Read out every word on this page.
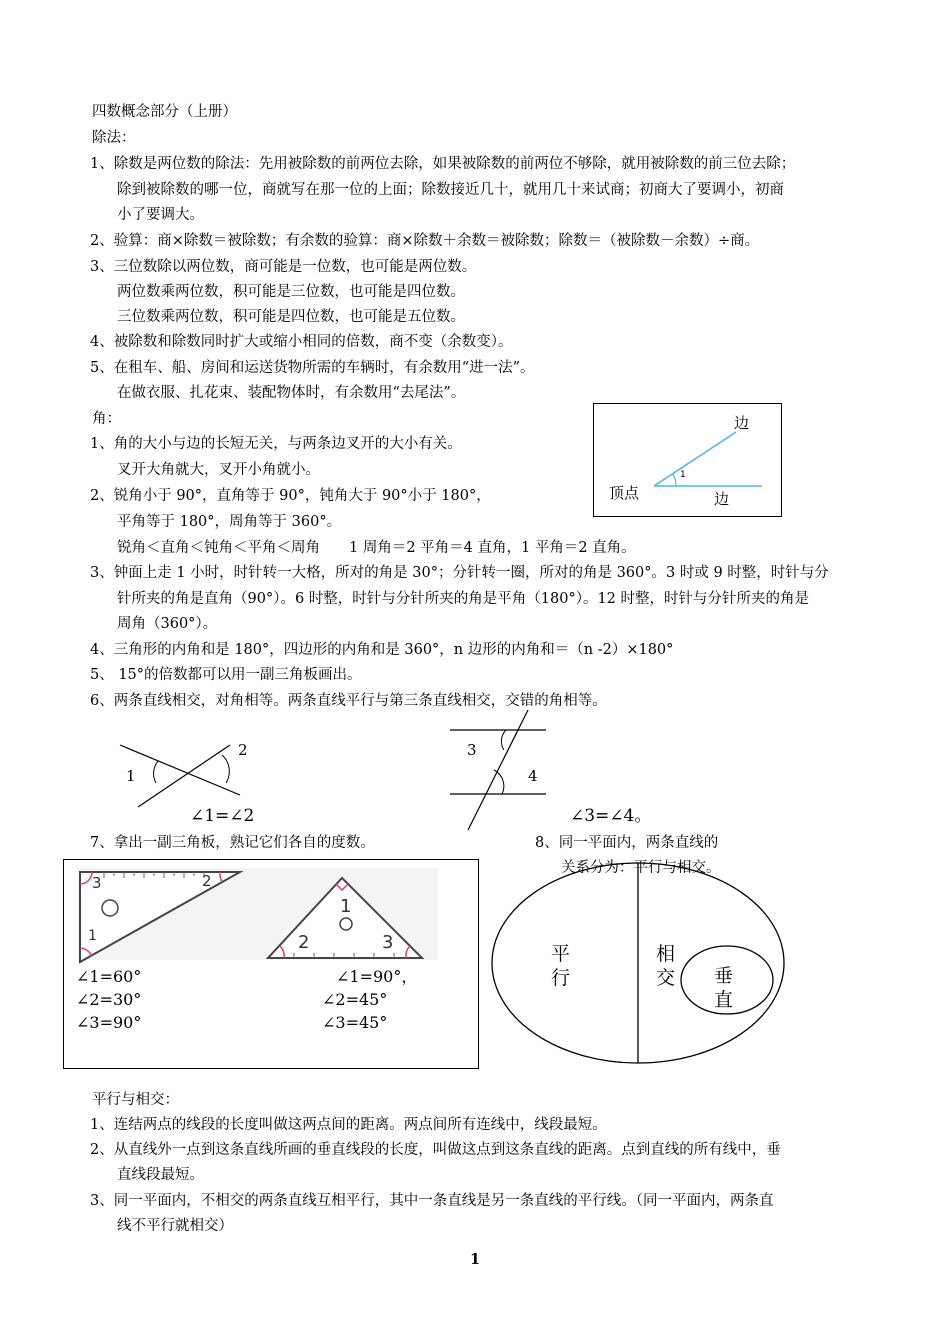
四数概念部分（上册）
除法：
1、除数是两位数的除法：先用被除数的前两位去除，如果被除数的前两位不够除，就用被除数的前三位去除；
除到被除数的哪一位，商就写在那一位的上面；除数接近几十，就用几十来试商；初商大了要调小，初商
小了要调大。
2、验算：商×除数＝被除数；有余数的验算：商×除数＋余数＝被除数；除数＝（被除数－余数）÷商。
3、三位数除以两位数，商可能是一位数，也可能是两位数。
两位数乘两位数，积可能是三位数，也可能是四位数。
三位数乘两位数，积可能是四位数，也可能是五位数。
4、被除数和除数同时扩大或缩小相同的倍数，商不变（余数变）。
5、在租车、船、房间和运送货物所需的车辆时，有余数用“进一法”。
在做衣服、扎花束、装配物体时，有余数用“去尾法”。
角：
1、角的大小与边的长短无关，与两条边叉开的大小有关。
叉开大角就大，叉开小角就小。
2、锐角小于 90°，直角等于 90°，钝角大于 90°小于 180°，
平角等于 180°，周角等于 360°。
锐角＜直角＜钝角＜平角＜周角　　1 周角＝2 平角＝4 直角，1 平角＝2 直角。
3、钟面上走 1 小时，时针转一大格，所对的角是 30°；分针转一圈，所对的角是 360°。3 时或 9 时整，时针与分
针所夹的角是直角（90°）。6 时整，时针与分针所夹的角是平角（180°）。12 时整，时针与分针所夹的角是
周角（360°）。
4、三角形的内角和是 180°，四边形的内角和是 360°，n 边形的内角和＝（n -2）×180°
5、 15°的倍数都可以用一副三角板画出。
6、两条直线相交，对角相等。两条直线平行与第三条直线相交，交错的角相等。
边
边
顶点
1
1
2
∠1=∠2
3
4
∠3=∠4。
7、拿出一副三角板，熟记它们各自的度数。	8、同一平面内，两条直线的
关系分为：平行与相交。
3	2
1
1
2	3
∠1=60°
∠2=30°
∠3=90°
∠1=90°，
∠2=45°
∠3=45°
平
行
相
交 垂
直
平行与相交：
1、连结两点的线段的长度叫做这两点间的距离。两点间所有连线中，线段最短。
2、从直线外一点到这条直线所画的垂直线段的长度，叫做这点到这条直线的距离。点到直线的所有线中，垂
直线段最短。
3、同一平面内，不相交的两条直线互相平行，其中一条直线是另一条直线的平行线。（同一平面内，两条直
线不平行就相交）
1
